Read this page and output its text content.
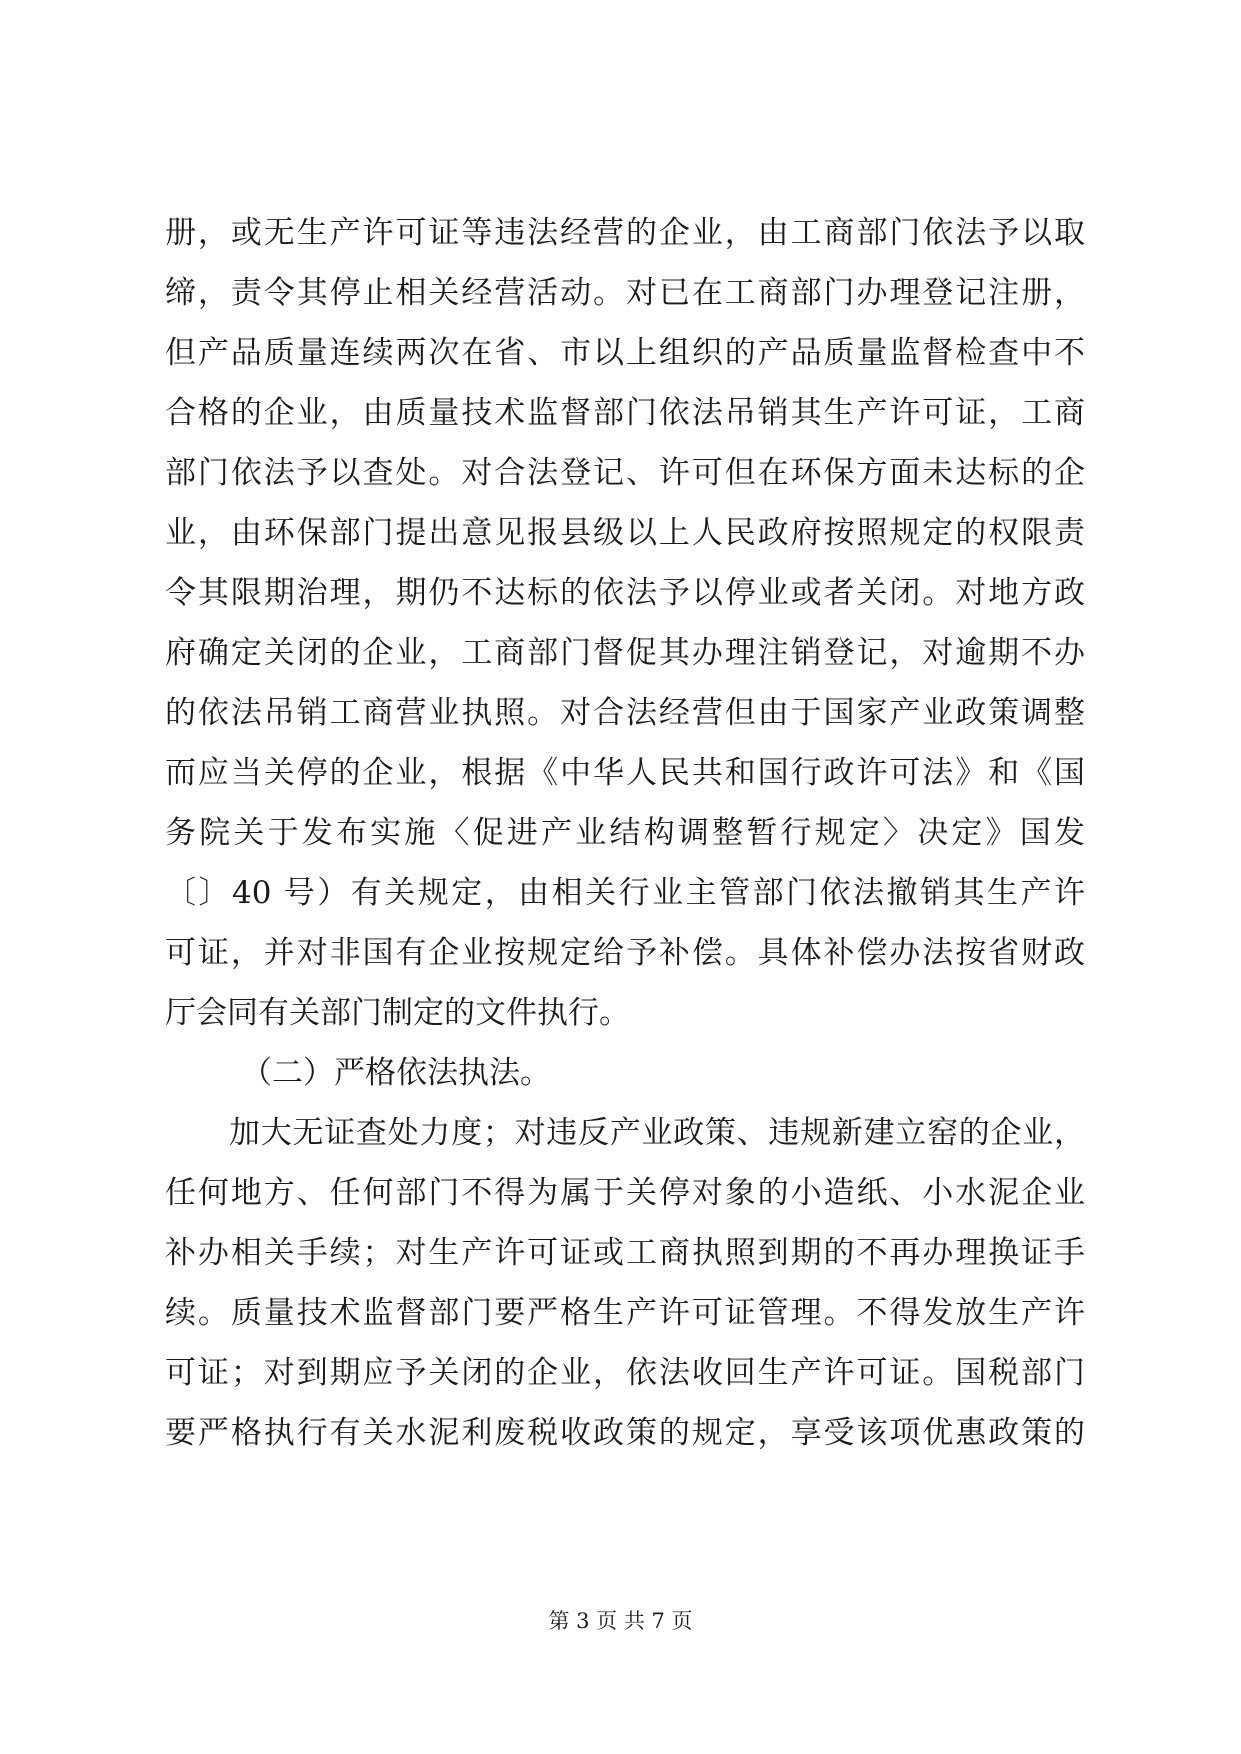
册，或无生产许可证等违法经营的企业，由工商部门依法予以取
缔，责令其停止相关经营活动。对已在工商部门办理登记注册，
但产品质量连续两次在省、市以上组织的产品质量监督检查中不
合格的企业，由质量技术监督部门依法吊销其生产许可证，工商
部门依法予以查处。对合法登记、许可但在环保方面未达标的企
业，由环保部门提出意见报县级以上人民政府按照规定的权限责
令其限期治理，期仍不达标的依法予以停业或者关闭。对地方政
府确定关闭的企业，工商部门督促其办理注销登记，对逾期不办
的依法吊销工商营业执照。对合法经营但由于国家产业政策调整
而应当关停的企业，根据《中华人民共和国行政许可法》和《国
务院关于发布实施〈促进产业结构调整暂行规定〉决定》国发
〔〕40 号）有关规定，由相关行业主管部门依法撤销其生产许
可证，并对非国有企业按规定给予补偿。具体补偿办法按省财政
厅会同有关部门制定的文件执行。
（二）严格依法执法。
加大无证查处力度；对违反产业政策、违规新建立窑的企业，
任何地方、任何部门不得为属于关停对象的小造纸、小水泥企业
补办相关手续；对生产许可证或工商执照到期的不再办理换证手
续。质量技术监督部门要严格生产许可证管理。不得发放生产许
可证；对到期应予关闭的企业，依法收回生产许可证。国税部门
要严格执行有关水泥利废税收政策的规定，享受该项优惠政策的
第 3 页 共 7 页
